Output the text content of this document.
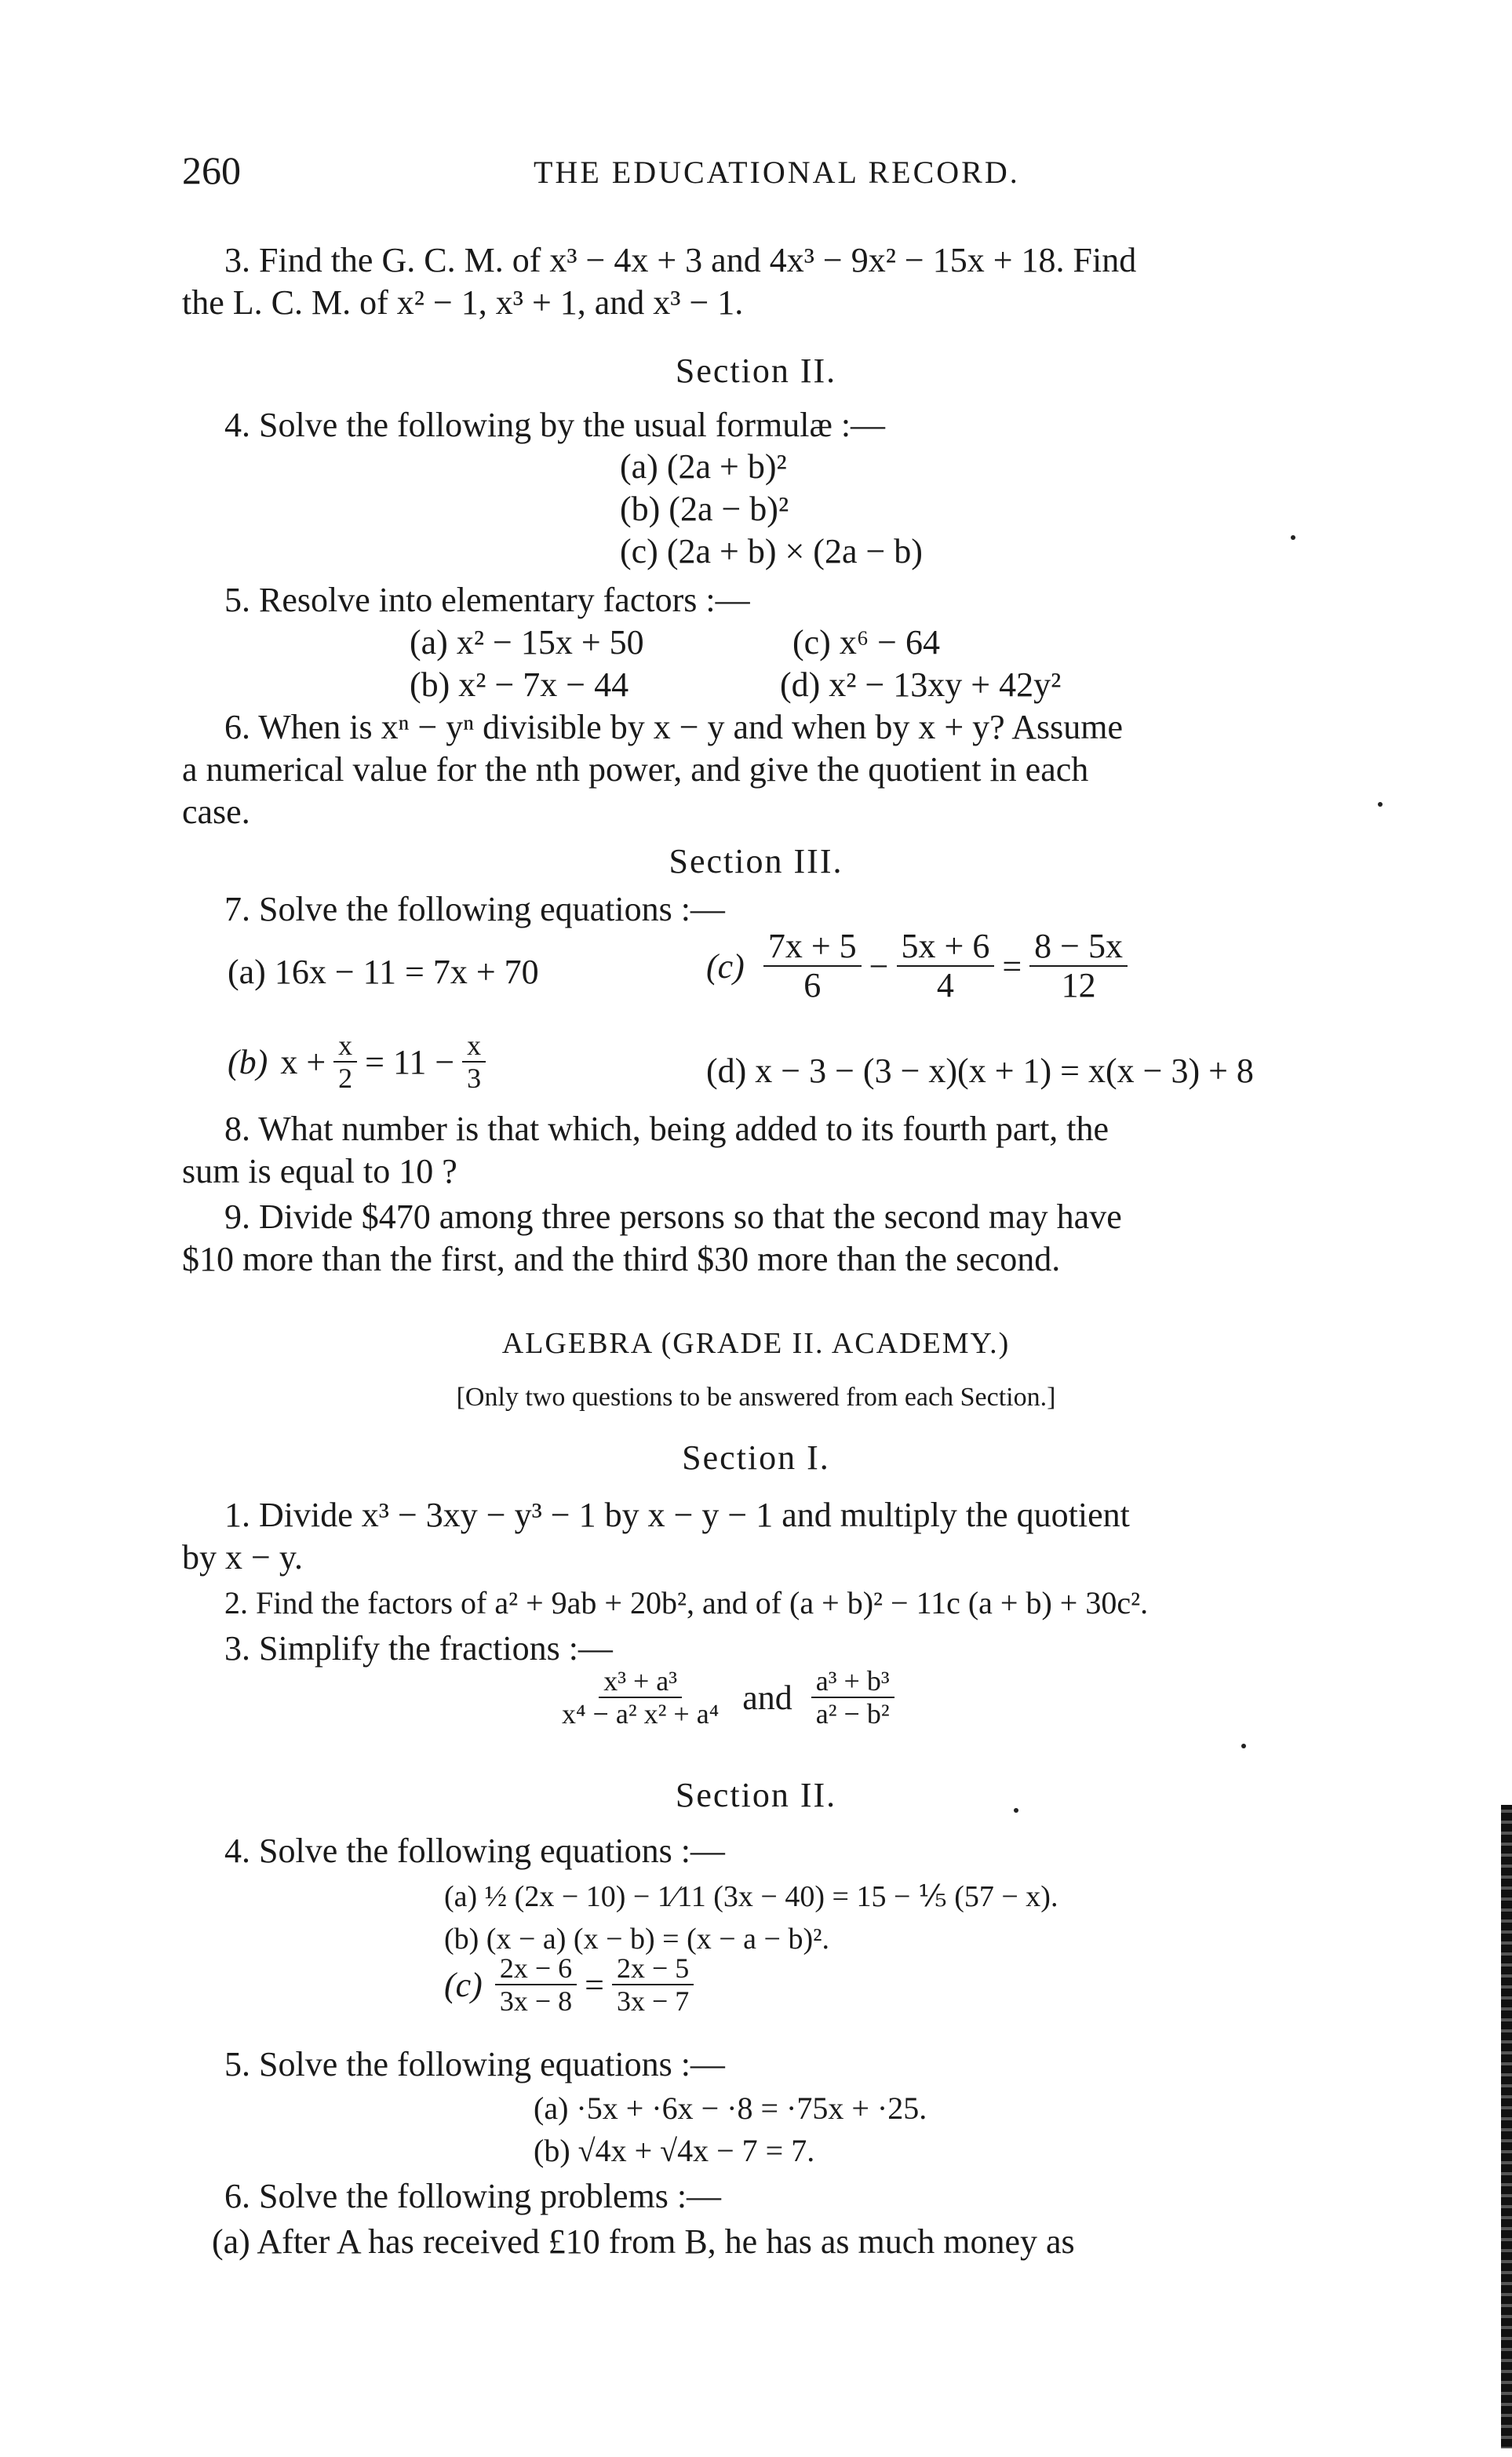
260	THE EDUCATIONAL RECORD.
3. Find the G. C. M. of x³ − 4x + 3 and 4x³ − 9x² − 15x + 18. Find
the L. C. M. of x² − 1, x³ + 1, and x³ − 1.
Section II.
4. Solve the following by the usual formulæ :—
(a) (2a + b)²
(b) (2a − b)²
(c) (2a + b) × (2a − b)
5. Resolve into elementary factors :—
(a) x² − 15x + 50	(c) x⁶ − 64
(b) x² − 7x − 44	(d) x² − 13xy + 42y²
6. When is xⁿ − yⁿ divisible by x − y and when by x + y? Assume
a numerical value for the nth power, and give the quotient in each
case.
Section III.
7. Solve the following equations :—
(a) 16x − 11 = 7x + 70	$(c) \frac{7x + 5}{6} - \frac{5x + 6}{4} = \frac{8 - 5x}{12}$
(b) $x + \frac{x}{2} = 11 - \frac{x}{3}$	(d) x − 3 − (3 − x)(x + 1) = x(x − 3) + 8
8. What number is that which, being added to its fourth part, the
sum is equal to 10 ?
9. Divide $470 among three persons so that the second may have
$10 more than the first, and the third $30 more than the second.
ALGEBRA (GRADE II. ACADEMY.)
[Only two questions to be answered from each Section.]
Section I.
1. Divide x³ − 3xy − y³ − 1 by x − y − 1 and multiply the quotient
by x − y.
2. Find the factors of a² + 9ab + 20b², and of (a + b)² − 11c (a + b) + 30c².
3. Simplify the fractions :—
$\frac{\text{x³ + a³}}{\text{x⁴ − a² x² + a⁴}}$ and $\frac{\text{a³ + b³}}{\text{a² − b²}}$
Section II.
4. Solve the following equations :—
(a) ½ (2x − 10) − 1⁄11 (3x − 40) = 15 − ⅕ (57 − x).
(b) (x − a) (x − b) = (x − a − b)².
$(c) \frac{2x - 6}{3x - 8} = \frac{2x - 5}{3x - 7}$
5. Solve the following equations :—
(a) ·5x + ·6x − ·8 = ·75x + ·25.
(b) √4x + √4x − 7 = 7.
6. Solve the following problems :—
(a) After A has received £10 from B, he has as much money as
